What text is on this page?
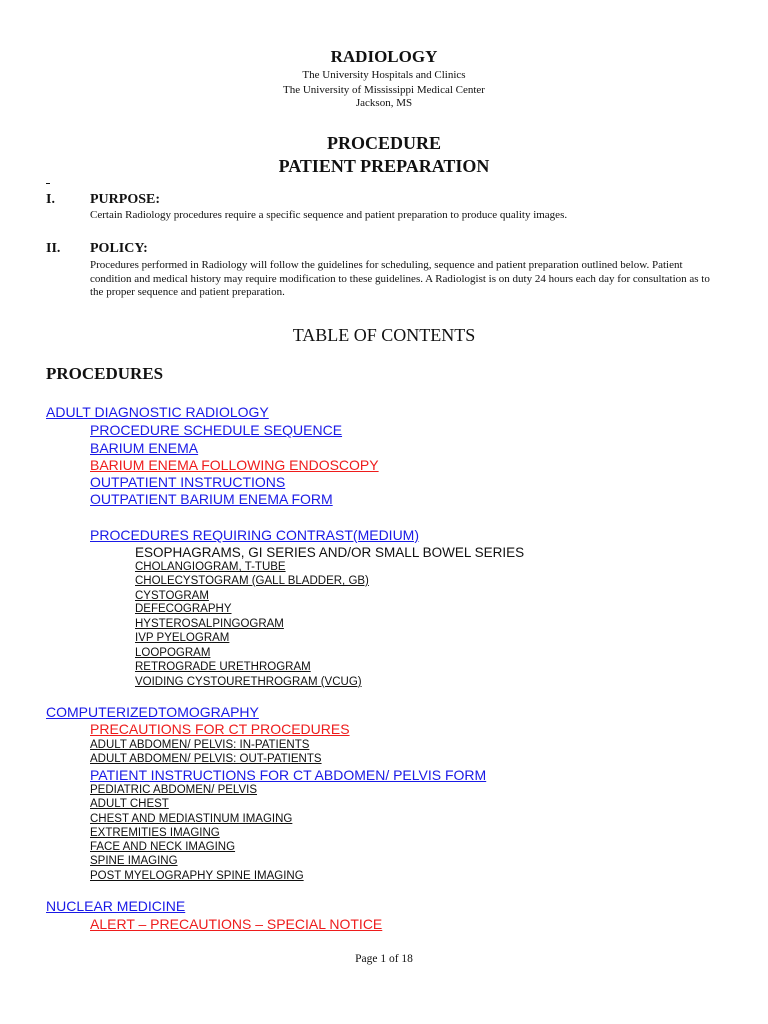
RADIOLOGY
The University Hospitals and Clinics
The University of Mississippi Medical Center
Jackson, MS
PROCEDURE
PATIENT PREPARATION
I.	PURPOSE:
Certain Radiology procedures require a specific sequence and patient preparation to produce quality images.
II. POLICY:
Procedures performed in Radiology will follow the guidelines for scheduling, sequence and patient preparation outlined below. Patient condition and medical history may require modification to these guidelines. A Radiologist is on duty 24 hours each day for consultation as to the proper sequence and patient preparation.
TABLE OF CONTENTS
PROCEDURES
ADULT DIAGNOSTIC RADIOLOGY
PROCEDURE SCHEDULE SEQUENCE
BARIUM ENEMA
BARIUM ENEMA FOLLOWING ENDOSCOPY
OUTPATIENT INSTRUCTIONS
OUTPATIENT BARIUM ENEMA FORM
PROCEDURES REQUIRING CONTRAST(MEDIUM)
ESOPHAGRAMS, GI SERIES AND/OR SMALL BOWEL SERIES
CHOLANGIOGRAM, T-TUBE
CHOLECYSTOGRAM (GALL BLADDER, GB)
CYSTOGRAM
DEFECOGRAPHY
HYSTEROSALPINGOGRAM
IVP PYELOGRAM
LOOPOGRAM
RETROGRADE URETHROGRAM
VOIDING CYSTOURETHROGRAM (VCUG)
COMPUTERIZEDTOMOGRAPHY
PRECAUTIONS FOR CT PROCEDURES
ADULT ABDOMEN/ PELVIS: IN-PATIENTS
ADULT ABDOMEN/ PELVIS: OUT-PATIENTS
PATIENT INSTRUCTIONS FOR CT ABDOMEN/ PELVIS FORM
PEDIATRIC ABDOMEN/ PELVIS
ADULT CHEST
CHEST AND MEDIASTINUM IMAGING
EXTREMITIES IMAGING
FACE AND NECK IMAGING
SPINE IMAGING
POST MYELOGRAPHY SPINE IMAGING
NUCLEAR MEDICINE
ALERT – PRECAUTIONS – SPECIAL NOTICE
Page 1 of 18
